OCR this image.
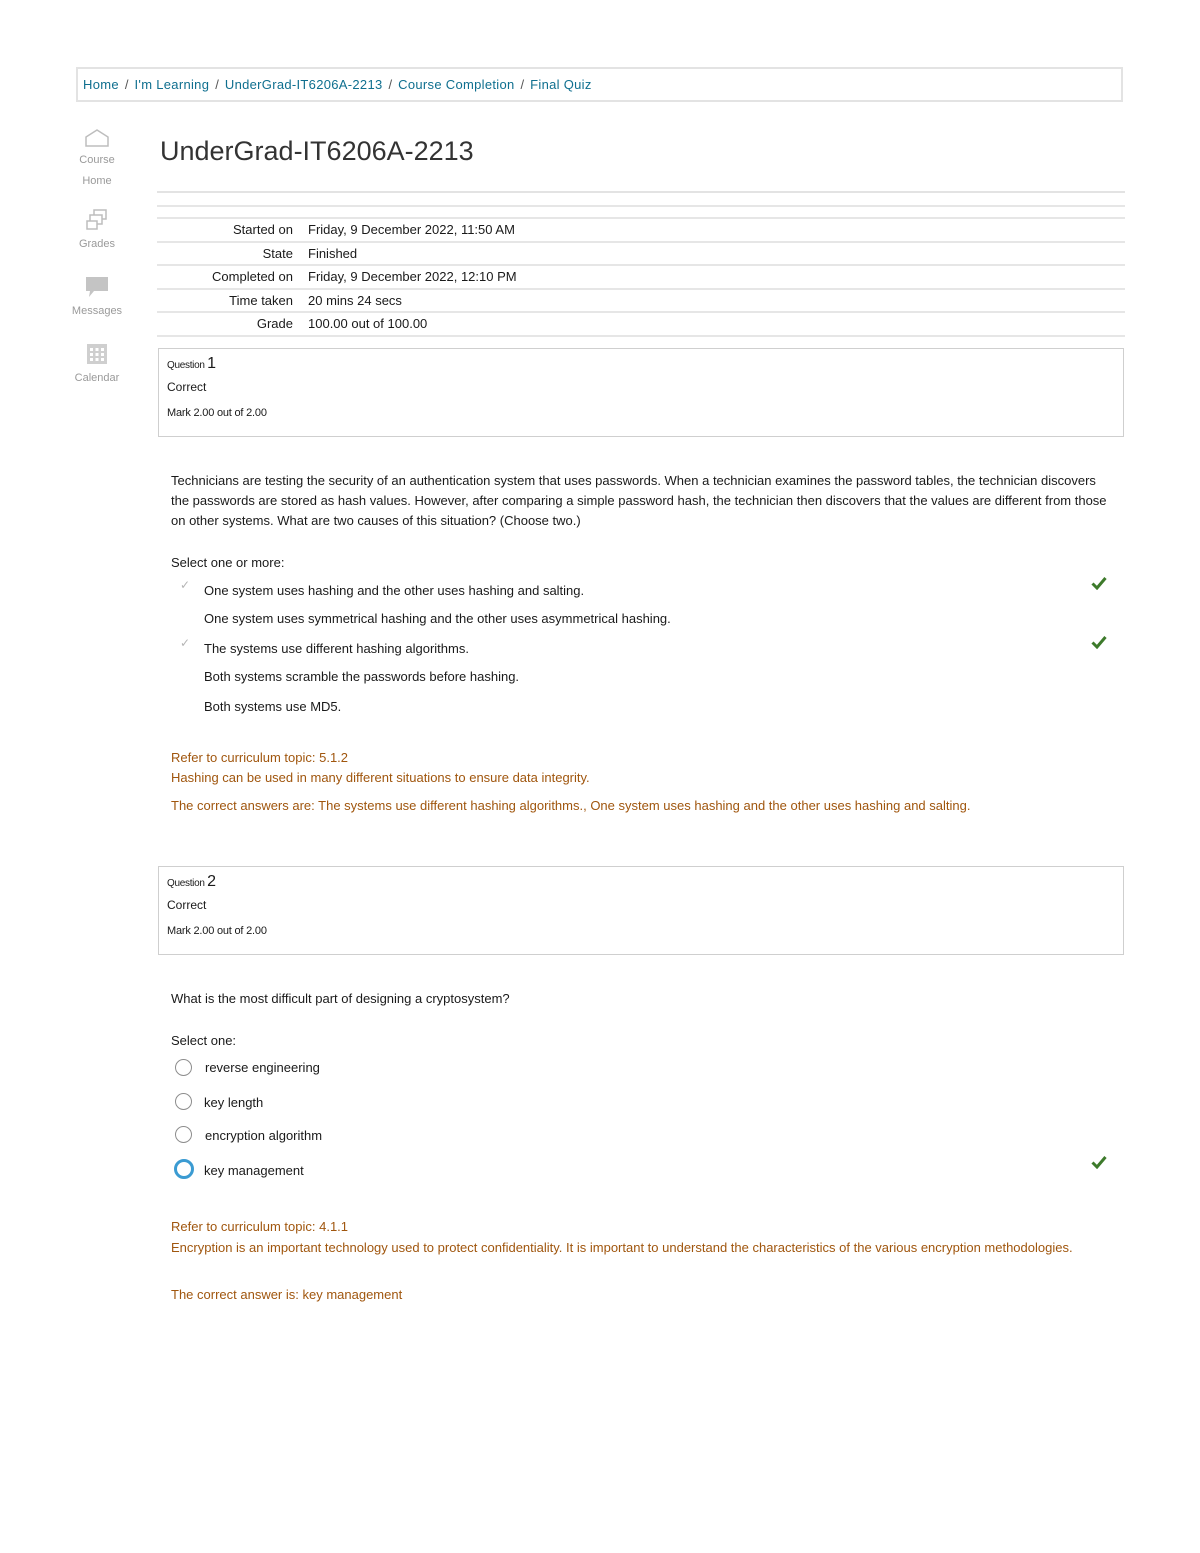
Home / I'm Learning / UnderGrad-IT6206A-2213 / Course Completion / Final Quiz
Course
Home
Grades
Messages
Calendar
UnderGrad-IT6206A-2213
Started on	Friday, 9 December 2022, 11:50 AM
State	Finished
Completed on	Friday, 9 December 2022, 12:10 PM
Time taken	20 mins 24 secs
Grade	100.00 out of 100.00
Question 1
Correct
Mark 2.00 out of 2.00
Technicians are testing the security of an authentication system that uses passwords. When a technician examines the password tables, the technician discovers the passwords are stored as hash values. However, after comparing a simple password hash, the technician then discovers that the values are different from those on other systems. What are two causes of this situation? (Choose two.)
Select one or more:
✓ One system uses hashing and the other uses hashing and salting.
One system uses symmetrical hashing and the other uses asymmetrical hashing.
✓ The systems use different hashing algorithms.
Both systems scramble the passwords before hashing.
Both systems use MD5.
Refer to curriculum topic: 5.1.2
Hashing can be used in many different situations to ensure data integrity.
The correct answers are: The systems use different hashing algorithms., One system uses hashing and the other uses hashing and salting.
Question 2
Correct
Mark 2.00 out of 2.00
What is the most difficult part of designing a cryptosystem?
Select one:
reverse engineering
key length
encryption algorithm
key management
Refer to curriculum topic: 4.1.1
Encryption is an important technology used to protect confidentiality. It is important to understand the characteristics of the various encryption methodologies.
The correct answer is: key management
